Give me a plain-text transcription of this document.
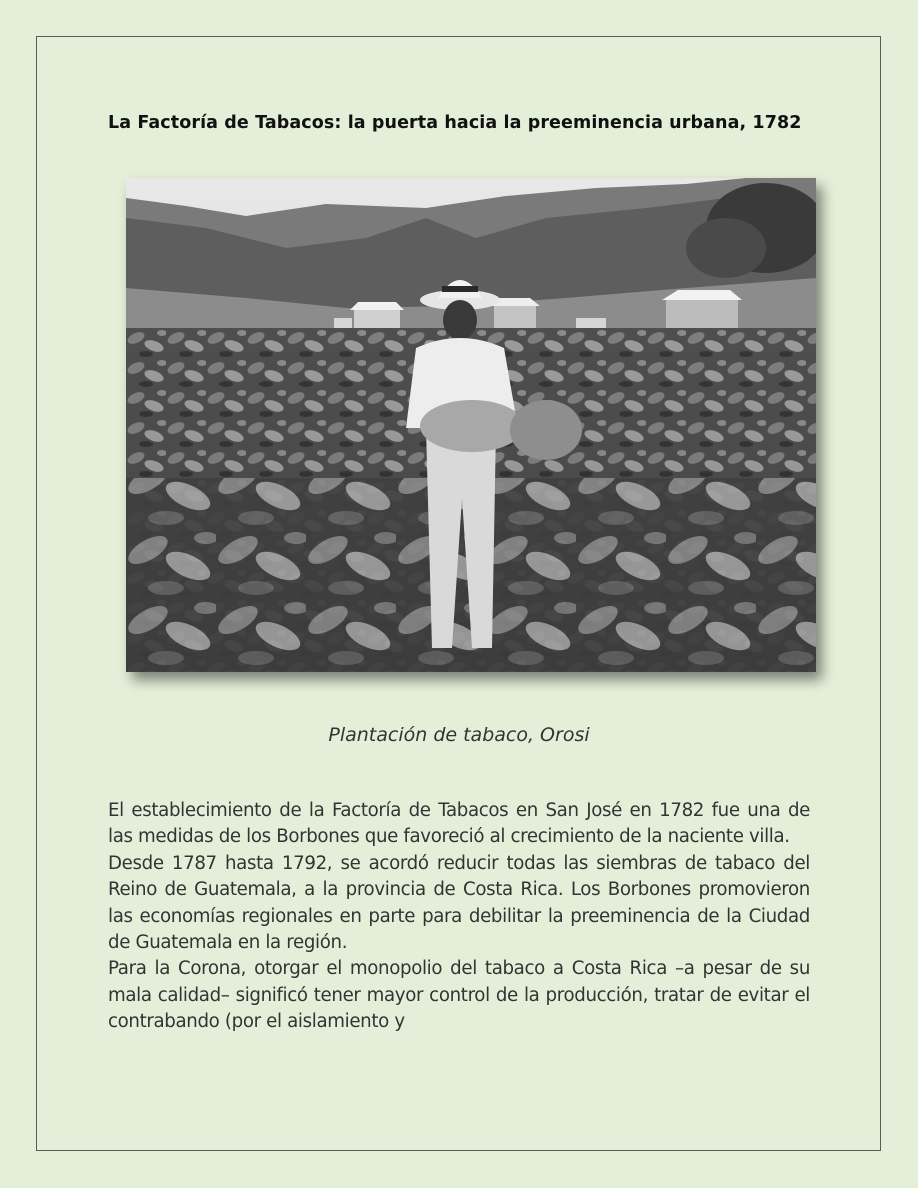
La Factoría de Tabacos: la puerta hacia la preeminencia urbana, 1782

Plantación de tabaco, Orosi

El establecimiento de la Factoría de Tabacos en San José en 1782 fue una de las medidas de los Borbones que favoreció al crecimiento de la naciente villa.

Desde 1787 hasta 1792, se acordó reducir todas las siembras de tabaco del Reino de Guatemala, a la provincia de Costa Rica. Los Borbones promovieron las economías regionales en parte para debilitar la preeminencia de la Ciudad de Guatemala en la región.

Para la Corona, otorgar el monopolio del tabaco a Costa Rica –a pesar de su mala calidad– significó tener mayor control de la producción, tratar de evitar el contrabando (por el aislamiento y
